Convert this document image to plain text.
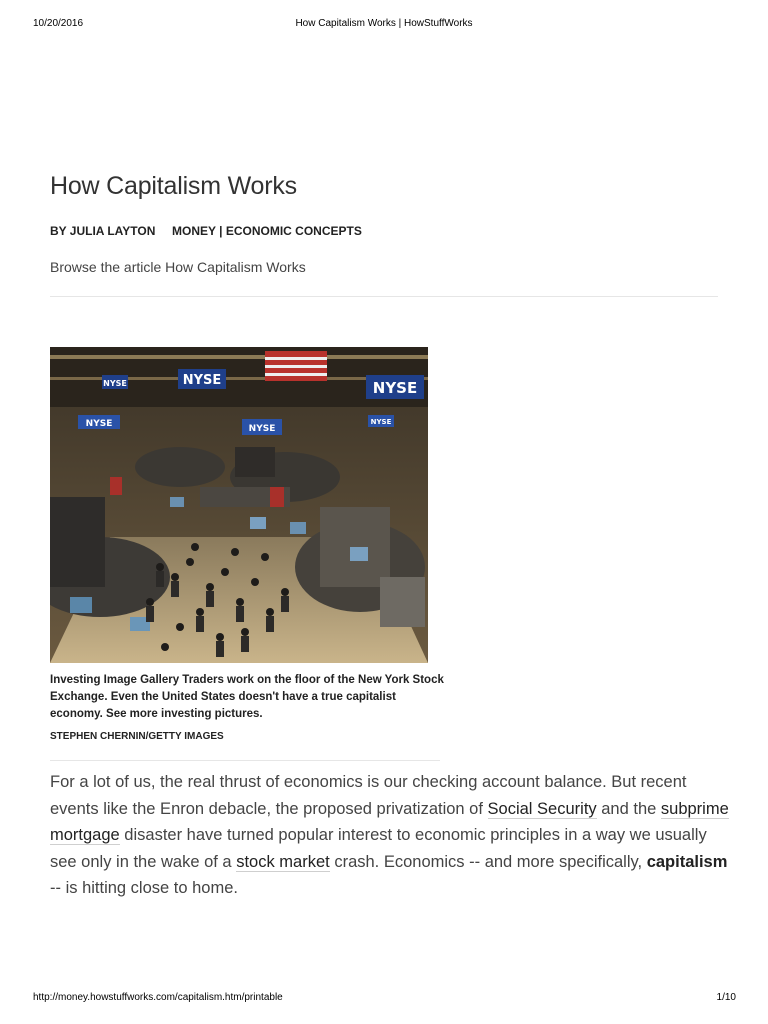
10/20/2016	How Capitalism Works | HowStuffWorks
How Capitalism Works
BY JULIA LAYTON MONEY | ECONOMIC CONCEPTS
Browse the article How Capitalism Works
NYSE	NYSE
NYSE
NYSE	NYSE
NYSE
Investing Image Gallery Traders work on the floor of the New York Stock Exchange. Even the United States doesn't have a true capitalist economy. See more investing pictures.
STEPHEN CHERNIN/GETTY IMAGES

For a lot of us, the real thrust of economics is our checking account balance. But recent events like the Enron debacle, the proposed privatization of Social Security and the subprime mortgage disaster have turned popular interest to economic principles in a way we usually see only in the wake of a stock market crash. Economics -- and more specifically, capitalism -- is hitting close to home.

http://money.howstuffworks.com/capitalism.htm/printable	1/10
